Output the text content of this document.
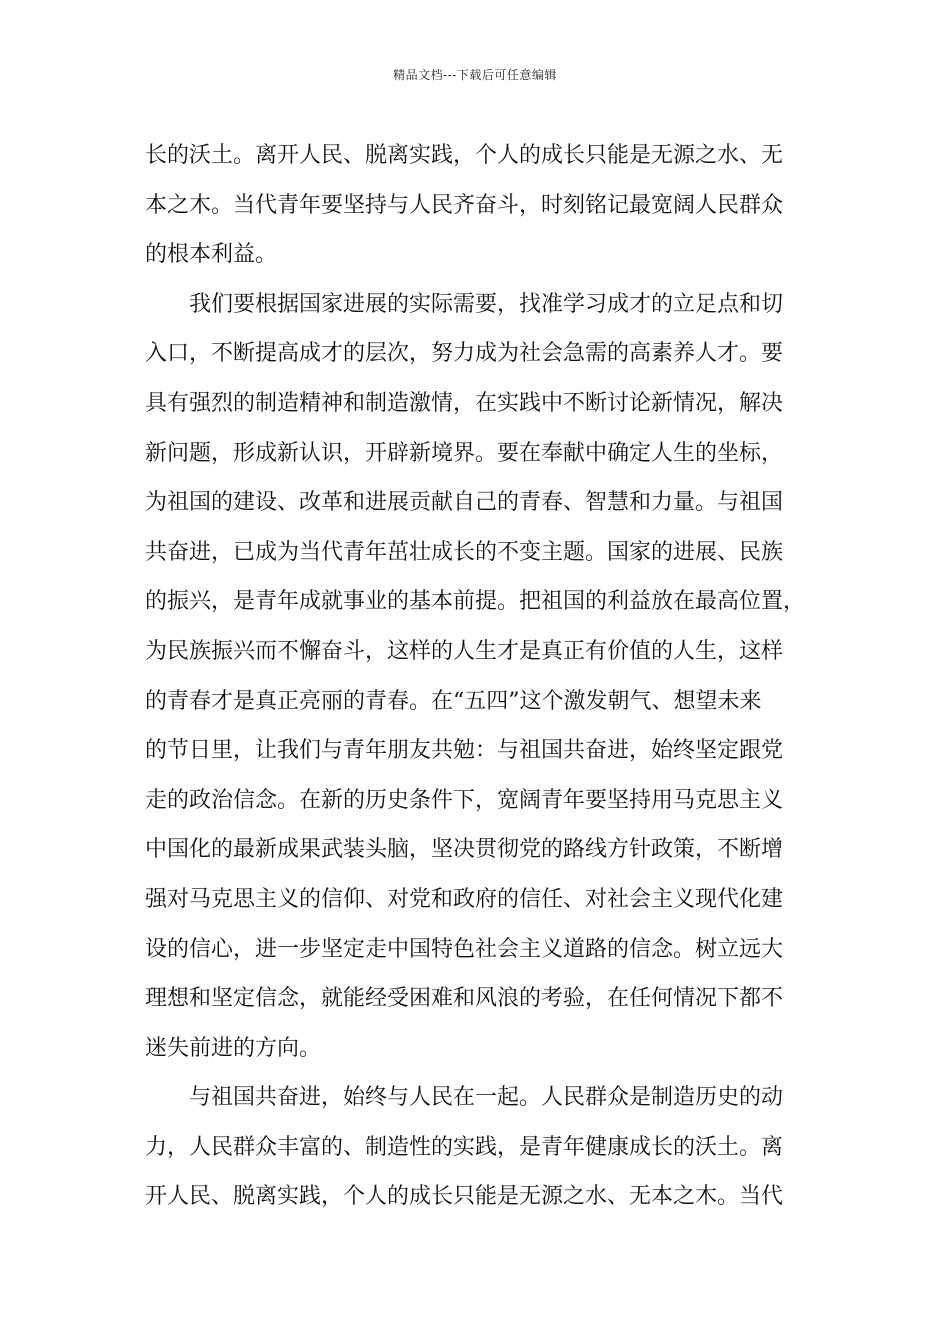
精品文档---下载后可任意编辑

长的沃土。离开人民、脱离实践，个人的成长只能是无源之水、无
本之木。当代青年要坚持与人民齐奋斗，时刻铭记最宽阔人民群众
的根本利益。

我们要根据国家进展的实际需要，找准学习成才的立足点和切
入口，不断提高成才的层次，努力成为社会急需的高素养人才。要
具有强烈的制造精神和制造激情，在实践中不断讨论新情况，解决
新问题，形成新认识，开辟新境界。要在奉献中确定人生的坐标，
为祖国的建设、改革和进展贡献自己的青春、智慧和力量。与祖国
共奋进，已成为当代青年茁壮成长的不变主题。国家的进展、民族
的振兴，是青年成就事业的基本前提。把祖国的利益放在最高位置，
为民族振兴而不懈奋斗，这样的人生才是真正有价值的人生，这样
的青春才是真正亮丽的青春。在“五四”这个激发朝气、想望未来
的节日里，让我们与青年朋友共勉：与祖国共奋进，始终坚定跟党
走的政治信念。在新的历史条件下，宽阔青年要坚持用马克思主义
中国化的最新成果武装头脑，坚决贯彻党的路线方针政策，不断增
强对马克思主义的信仰、对党和政府的信任、对社会主义现代化建
设的信心，进一步坚定走中国特色社会主义道路的信念。树立远大
理想和坚定信念，就能经受困难和风浪的考验，在任何情况下都不
迷失前进的方向。

与祖国共奋进，始终与人民在一起。人民群众是制造历史的动
力，人民群众丰富的、制造性的实践，是青年健康成长的沃土。离
开人民、脱离实践，个人的成长只能是无源之水、无本之木。当代
